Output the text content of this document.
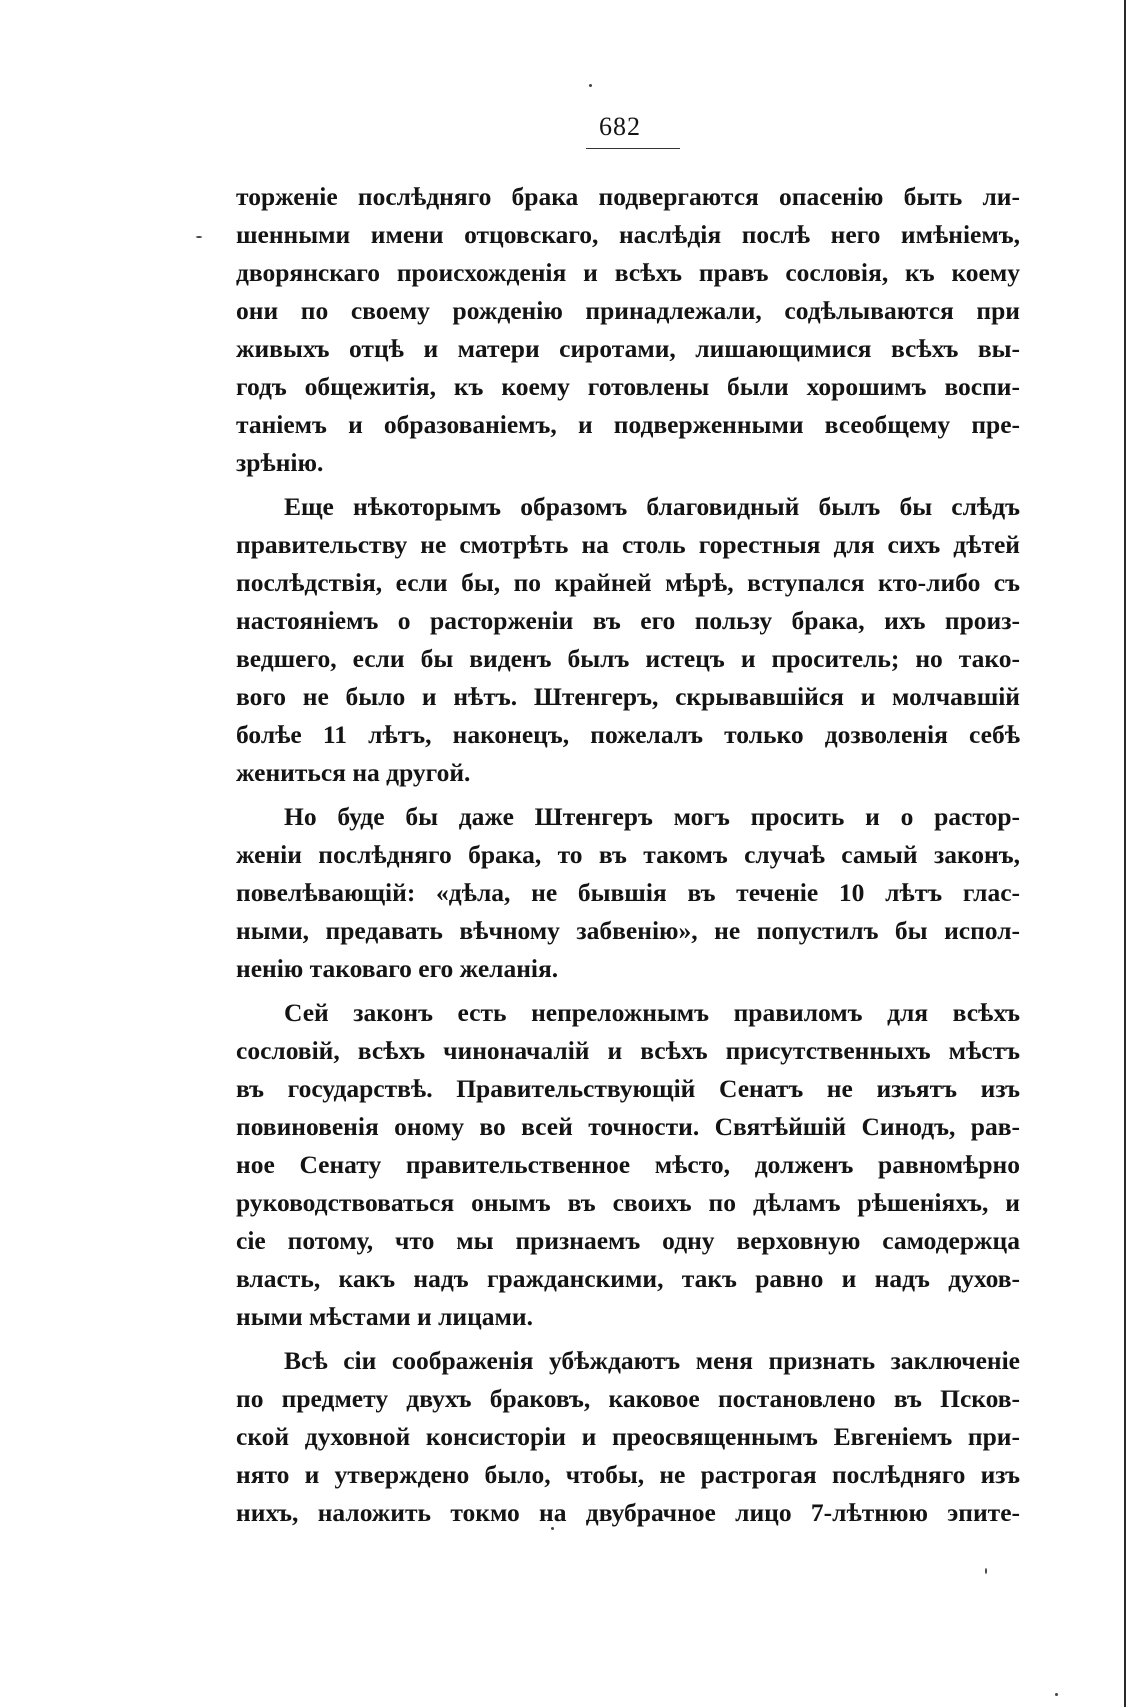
682
торженіе послѣдняго брака подвергаются опасенію быть ли-
шенными имени отцовскаго, наслѣдія послѣ него имѣніемъ,
дворянскаго происхожденія и всѣхъ правъ сословія, къ коему
они по своему рожденію принадлежали, содѣлываются при
живыхъ отцѣ и матери сиротами, лишающимися всѣхъ вы-
годъ общежитія, къ коему готовлены были хорошимъ воспи-
таніемъ и образованіемъ, и подверженными всеобщему пре-
зрѣнію.
Еще нѣкоторымъ образомъ благовидный былъ бы слѣдъ
правительству не смотрѣть на столь горестныя для сихъ дѣтей
послѣдствія, если бы, по крайней мѣрѣ, вступался кто-либо съ
настояніемъ о расторженіи въ его пользу брака, ихъ произ-
ведшего, если бы виденъ былъ истецъ и проситель; но тако-
вого не было и нѣтъ. Штенгеръ, скрывавшійся и молчавшій
болѣе 11 лѣтъ, наконецъ, пожелалъ только дозволенія себѣ
жениться на другой.
Но буде бы даже Штенгеръ могъ просить и о растор-
женіи послѣдняго брака, то въ такомъ случаѣ самый законъ,
повелѣвающій: «дѣла, не бывшія въ теченіе 10 лѣтъ глас-
ными, предавать вѣчному забвенію», не попустилъ бы испол-
ненію таковаго его желанія.
Сей законъ есть непреложнымъ правиломъ для всѣхъ
сословій, всѣхъ чиноначалій и всѣхъ присутственныхъ мѣстъ
въ государствѣ. Правительствующій Сенатъ не изъятъ изъ
повиновенія оному во всей точности. Святѣйшій Синодъ, рав-
ное Сенату правительственное мѣсто, долженъ равномѣрно
руководствоваться онымъ въ своихъ по дѣламъ рѣшеніяхъ, и
сіе потому, что мы признаемъ одну верховную самодержца
власть, какъ надъ гражданскими, такъ равно и надъ духов-
ными мѣстами и лицами.
Всѣ сіи соображенія убѣждаютъ меня признать заключеніе
по предмету двухъ браковъ, каковое постановлено въ Псков-
ской духовной консисторіи и преосвященнымъ Евгеніемъ при-
нято и утверждено было, чтобы, не растрогая послѣдняго изъ
нихъ, наложить токмо на двубрачное лицо 7-лѣтнюю эпите-
